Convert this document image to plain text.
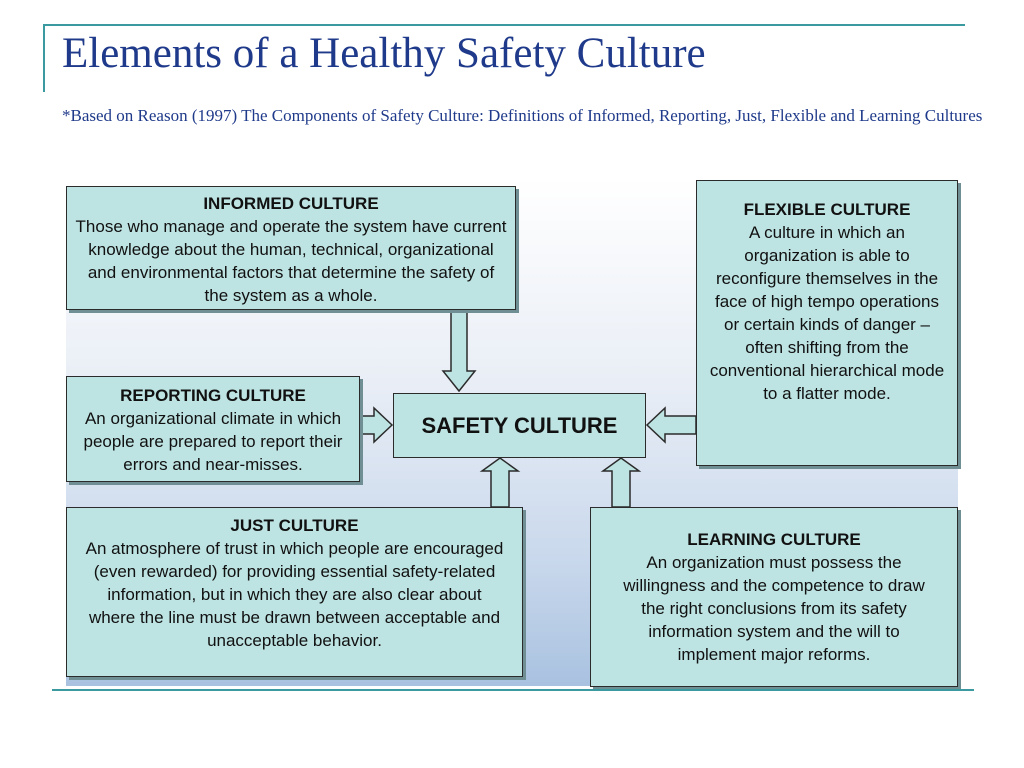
Elements of a Healthy Safety Culture
*Based on Reason (1997) The Components of Safety Culture: Definitions of Informed, Reporting, Just, Flexible and Learning Cultures
INFORMED CULTURE

Those who manage and operate the system have current knowledge about the human, technical, organizational and environmental factors that determine the safety of the system as a whole.

REPORTING CULTURE

An organizational climate in which people are prepared to report their errors and near-misses.

SAFETY CULTURE
FLEXIBLE CULTURE

A culture in which an organization is able to reconfigure themselves in the face of high tempo operations or certain kinds of danger – often shifting from the conventional hierarchical mode to a flatter mode.

JUST CULTURE

An atmosphere of trust in which people are encouraged (even rewarded) for providing essential safety-related information, but in which they are also clear about where the line must be drawn between acceptable and unacceptable behavior.

LEARNING CULTURE

An organization must possess the willingness and the competence to draw the right conclusions from its safety information system and the will to implement major reforms.
